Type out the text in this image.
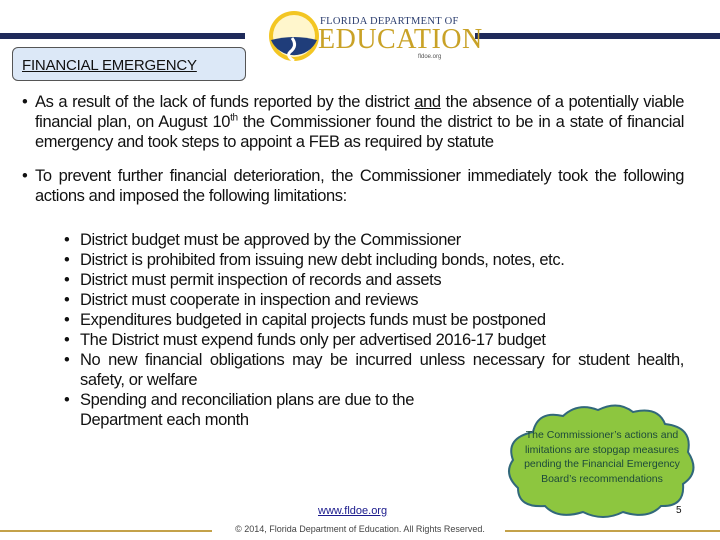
FLORIDA DEPARTMENT OF
EDUCATION
fldoe.org
FINANCIAL EMERGENCY
• As a result of the lack of funds reported by the district and the absence of a potentially viable financial plan, on August 10th the Commissioner found the district to be in a state of financial emergency and took steps to appoint a FEB as required by statute
• To prevent further financial deterioration, the Commissioner immediately took the following actions and imposed the following limitations:
• District budget must be approved by the Commissioner
• District is prohibited from issuing new debt including bonds, notes, etc.
• District must permit inspection of records and assets
• District must cooperate in inspection and reviews
• Expenditures budgeted in capital projects funds must be postponed
• The District must expend funds only per advertised 2016-17 budget
• No new financial obligations may be incurred unless necessary for student health, safety, or welfare
• Spending and reconciliation plans are due to the Department each month
The Commissioner’s actions and limitations are stopgap measures pending the Financial Emergency Board’s recommendations
www.fldoe.org
© 2014, Florida Department of Education. All Rights Reserved.
5
